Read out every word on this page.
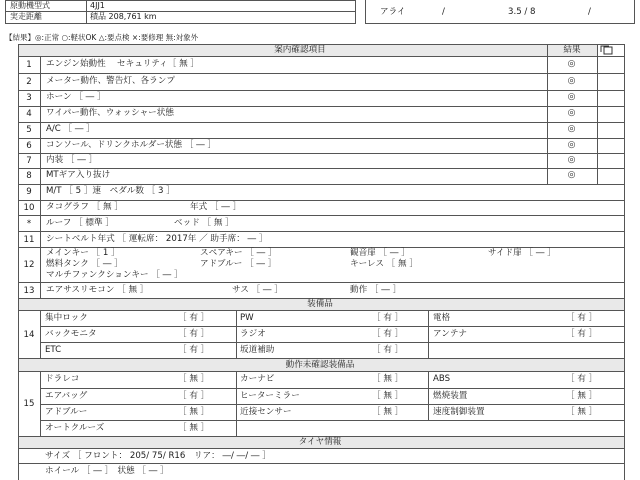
原動機型式	4JJ1
実走距離	積品 208,761 km	アライ	/	3.5 / 8	/
【結果】◎:正常 ○:軽状OK △:要点検 ×:要修理 無:対象外
案内確認項目	結果
1	エンジン始動性　 セキュリティ［ 無 ］	◎
2	メーター動作、警告灯、各ランプ	◎
3	ホーン ［ ― ］	◎
4	ワイパー動作、ウォッシャー状態	◎
5	A/C ［ ― ］	◎
6	コンソール、ドリンクホルダー状態 ［ ― ］	◎
7	内装 ［ ― ］	◎
8	MTギア入り抜け	◎
9	M/T ［ 5 ］速　ペダル数 ［ 3 ］
10	タコグラフ ［ 無 ］	年式 ［ ― ］
*	ルーフ ［ 標準 ］	ベッド ［ 無 ］
11	シートベルト年式 ［ 運転席： 2017年 ／ 助手席： ― ］
12
メインキー ［ 1 ］	スペアキー ［ ― ］	観音扉 ［ ― ］	サイド扉 ［ ― ］
燃料タンク ［ ― ］	アドブルー ［ ― ］	キーレス ［ 無 ］
マルチファンクションキー ［ ― ］
13	エアサスリモコン ［ 無 ］	サス ［ ― ］	動作 ［ ― ］
装備品
14
集中ロック	［ 有 ］	PW	［ 有 ］	電格	［ 有 ］
バックモニタ	［ 有 ］	ラジオ	［ 有 ］	アンテナ	［ 有 ］
ETC	［ 有 ］	坂道補助	［ 有 ］
動作未確認装備品
15
ドラレコ	［ 無 ］	カーナビ	［ 無 ］	ABS	［ 有 ］
エアバッグ	［ 有 ］	ヒーターミラー	［ 無 ］	燃焼装置	［ 無 ］
アドブルー	［ 無 ］	近接センサー	［ 無 ］	速度制御装置	［ 無 ］
オートクルーズ	［ 無 ］
タイヤ情報
サイズ ［ フロント： 205/ 75/ R16　リア： ―/ ―/ ― ］
ホイール ［ ― ］　状態 ［ ― ］
